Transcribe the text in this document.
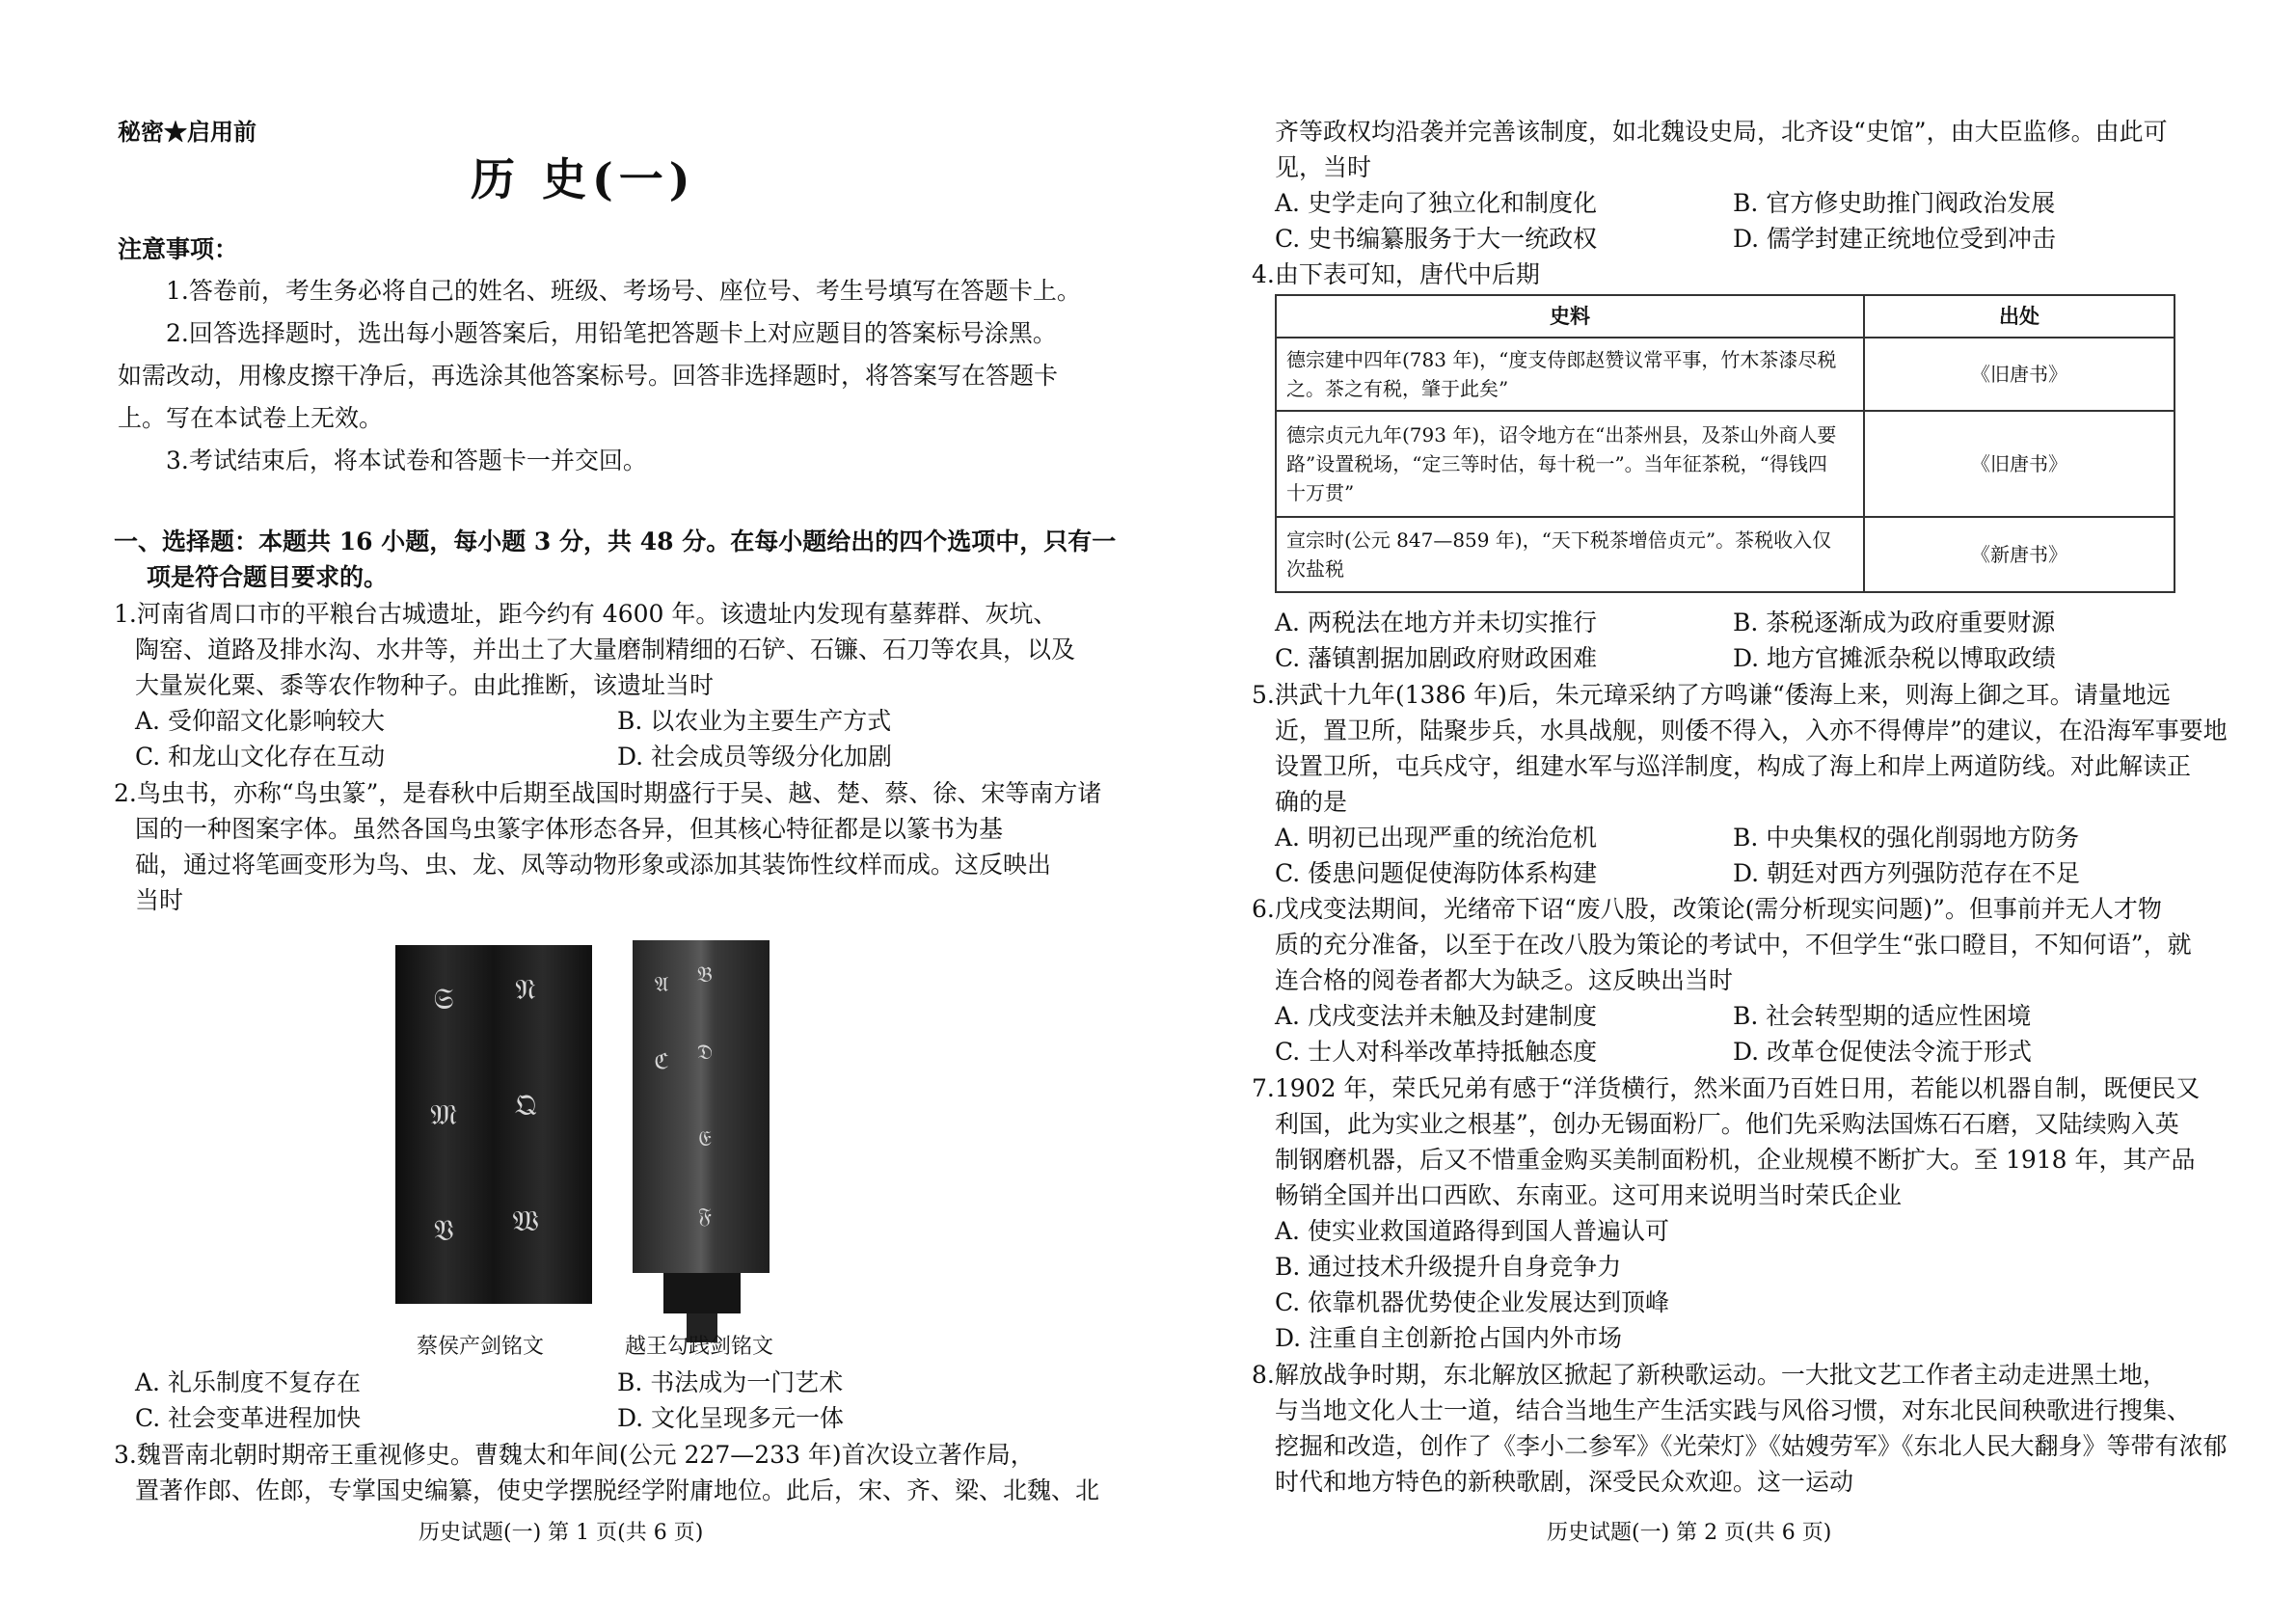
秘密★启用前
历 史(一)
注意事项：
1.答卷前，考生务必将自己的姓名、班级、考场号、座位号、考生号填写在答题卡上。
2.回答选择题时，选出每小题答案后，用铅笔把答题卡上对应题目的答案标号涂黑。
如需改动，用橡皮擦干净后，再选涂其他答案标号。回答非选择题时，将答案写在答题卡
上。写在本试卷上无效。
3.考试结束后，将本试卷和答题卡一并交回。
一、选择题：本题共 16 小题，每小题 3 分，共 48 分。在每小题给出的四个选项中，只有一
项是符合题目要求的。
1.河南省周口市的平粮台古城遗址，距今约有 4600 年。该遗址内发现有墓葬群、灰坑、
陶窑、道路及排水沟、水井等，并出土了大量磨制精细的石铲、石镰、石刀等农具，以及
大量炭化粟、黍等农作物种子。由此推断，该遗址当时
A. 受仰韶文化影响较大	B. 以农业为主要生产方式
C. 和龙山文化存在互动	D. 社会成员等级分化加剧
2.鸟虫书，亦称“鸟虫篆”，是春秋中后期至战国时期盛行于吴、越、楚、蔡、徐、宋等南方诸
国的一种图案字体。虽然各国鸟虫篆字体形态各异，但其核心特征都是以篆书为基
础，通过将笔画变形为鸟、虫、龙、凤等动物形象或添加其装饰性纹样而成。这反映出
当时
𝔖	𝔑
𝔐 𝔔
𝔙	𝔚
𝔄	𝔅
ℭ	𝔇
𝔈
𝔉
蔡侯产剑铭文	越王勾践剑铭文
A. 礼乐制度不复存在	B. 书法成为一门艺术
C. 社会变革进程加快	D. 文化呈现多元一体
3.魏晋南北朝时期帝王重视修史。曹魏太和年间(公元 227—233 年)首次设立著作局，
置著作郎、佐郎，专掌国史编纂，使史学摆脱经学附庸地位。此后，宋、齐、梁、北魏、北
历史试题(一) 第 1 页(共 6 页)
齐等政权均沿袭并完善该制度，如北魏设史局，北齐设“史馆”，由大臣监修。由此可
见，当时
A. 史学走向了独立化和制度化	B. 官方修史助推门阀政治发展
C. 史书编纂服务于大一统政权	D. 儒学封建正统地位受到冲击
4.由下表可知，唐代中后期
史料	出处

德宗建中四年(783 年)，“度支侍郎赵赞议常平事，竹木茶漆尽税
之。茶之有税，肇于此矣”	《旧唐书》

德宗贞元九年(793 年)，诏令地方在“出茶州县，及茶山外商人要
路”设置税场，“定三等时估，每十税一”。当年征茶税，“得钱四
十万贯”	《旧唐书》

宣宗时(公元 847—859 年)，“天下税茶增倍贞元”。茶税收入仅
次盐税	《新唐书》
A. 两税法在地方并未切实推行	B. 茶税逐渐成为政府重要财源
C. 藩镇割据加剧政府财政困难	D. 地方官摊派杂税以博取政绩
5.洪武十九年(1386 年)后，朱元璋采纳了方鸣谦“倭海上来，则海上御之耳。请量地远
近，置卫所，陆聚步兵，水具战舰，则倭不得入，入亦不得傅岸”的建议，在沿海军事要地
设置卫所，屯兵戍守，组建水军与巡洋制度，构成了海上和岸上两道防线。对此解读正
确的是
A. 明初已出现严重的统治危机	B. 中央集权的强化削弱地方防务
C. 倭患问题促使海防体系构建	D. 朝廷对西方列强防范存在不足
6.戊戌变法期间，光绪帝下诏“废八股，改策论(需分析现实问题)”。但事前并无人才物
质的充分准备，以至于在改八股为策论的考试中，不但学生“张口瞪目，不知何语”，就
连合格的阅卷者都大为缺乏。这反映出当时
A. 戊戌变法并未触及封建制度	B. 社会转型期的适应性困境
C. 士人对科举改革持抵触态度	D. 改革仓促使法令流于形式
7.1902 年，荣氏兄弟有感于“洋货横行，然米面乃百姓日用，若能以机器自制，既便民又
利国，此为实业之根基”，创办无锡面粉厂。他们先采购法国炼石石磨，又陆续购入英
制钢磨机器，后又不惜重金购买美制面粉机，企业规模不断扩大。至 1918 年，其产品
畅销全国并出口西欧、东南亚。这可用来说明当时荣氏企业
A. 使实业救国道路得到国人普遍认可
B. 通过技术升级提升自身竞争力
C. 依靠机器优势使企业发展达到顶峰
D. 注重自主创新抢占国内外市场
8.解放战争时期，东北解放区掀起了新秧歌运动。一大批文艺工作者主动走进黑土地，
与当地文化人士一道，结合当地生产生活实践与风俗习惯，对东北民间秧歌进行搜集、
挖掘和改造，创作了《李小二参军》《光荣灯》《姑嫂劳军》《东北人民大翻身》等带有浓郁
时代和地方特色的新秧歌剧，深受民众欢迎。这一运动
历史试题(一) 第 2 页(共 6 页)
